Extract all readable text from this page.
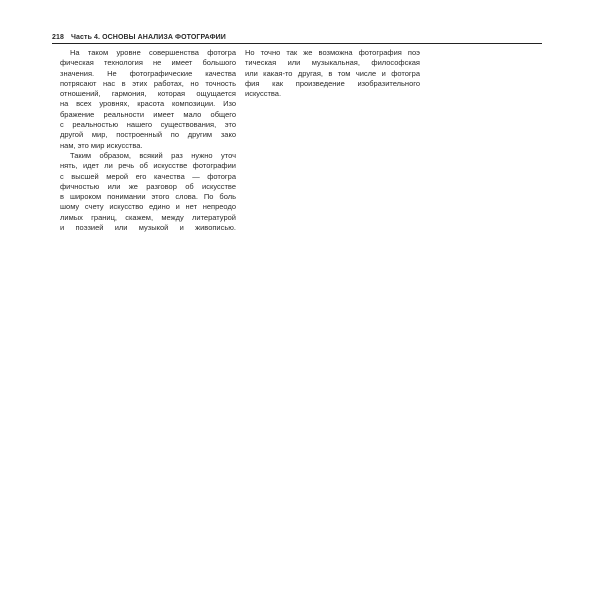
218 Часть 4. ОСНОВЫ АНАЛИЗА ФОТОГРАФИИ
На таком уровне совершенства фотогра
фическая технология не имеет большого
значения. Не фотографические качества
потрясают нас в этих работах, но точность
отношений, гармония, которая ощущается
на всех уровнях, красота композиции. Изо
бражение реальности имеет мало общего
с реальностью нашего существования, это
другой мир, построенный по другим зако
нам, это мир искусства.
Таким образом, всякий раз нужно уточ
нять, идет ли речь об искусстве фотографии
с высшей мерой его качества — фотогра
фичностью или же разговор об искусстве
в широком понимании этого слова. По боль
шому счету искусство едино и нет непреодо
лимых границ, скажем, между литературой
и поэзией или музыкой и живописью.
Но точно так же возможна фотография поэ
тическая или музыкальная, философская
или какая-то другая, в том числе и фотогра
фия как произведение изобразительного
искусства.
